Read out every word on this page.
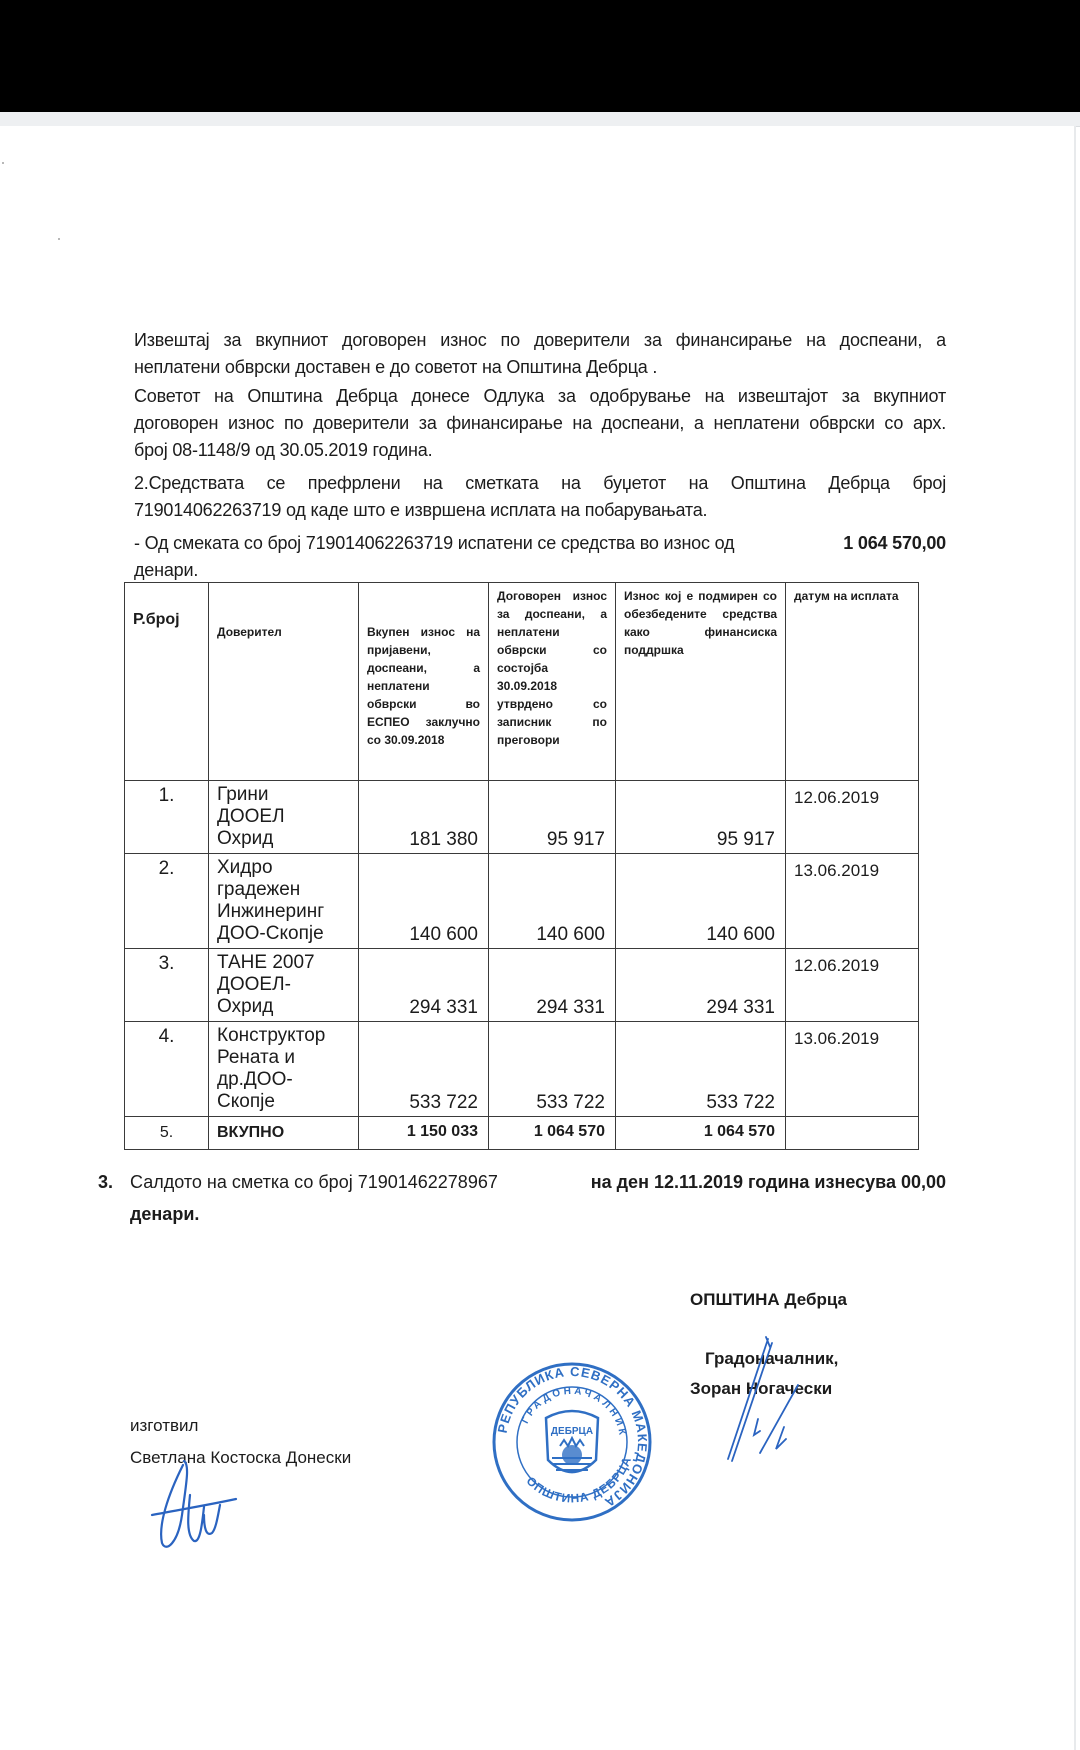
Извештај за вкупниот договорен износ по доверители за финансирање на доспеани, а
неплатени обврски доставен е до советот на Општина Дебрца .
Советот на Општина Дебрца донесе Одлука за одобрување на извештајот за вкупниот
договорен износ по доверители за финансирање на доспеани, а неплатени обврски со арх.
број 08-1148/9 од 30.05.2019 година.
2.Средствата се префрлени на сметката на буџетот на Општина Дебрца број
719014062263719 од каде што е извршена исплата на побарувањата.
- Од смеката со број 719014062263719 испатени се средства во износ од	1 064 570,00
денари.
Р.број	Доверител	Вкупен износ на пријавени, доспеани, а неплатени обврски во ЕСПЕО заклучно со 30.09.2018	Договорен износ за доспеани, а неплатени обврски со состојба 30.09.2018 утврдено со записник по преговори	Износ кој е подмирен со обезбедените средства како финансиска поддршка	датум на исплата

1.	Грини
ДООЕЛ
Охрид	181 380	95 917	95 917	12.06.2019
2.	Хидро
градежен
Инжинеринг
ДОО-Скопје	140 600	140 600	140 600	13.06.2019
3.	ТАНЕ 2007
ДООЕЛ-
Охрид	294 331	294 331	294 331	12.06.2019
4.	Конструктор
Рената и
др.ДОО-
Скопје	533 722	533 722	533 722	13.06.2019
5.	ВКУПНО	1 150 033	1 064 570	1 064 570	
3. Салдото на сметка со број 71901462278967	на ден 12.11.2019 година изнесува 00,00
денари.
изготвил
Светлана Костоска Донески
ОПШТИНА Дебрца
Градоначалник,
Зоран Ногачески
РЕПУБЛИКА СЕВЕРНА МАКЕДОНИЈА
ГРАДОНАЧАЛНИК
ОПШТИНА ДЕБРЦА
ДЕБРЦА
